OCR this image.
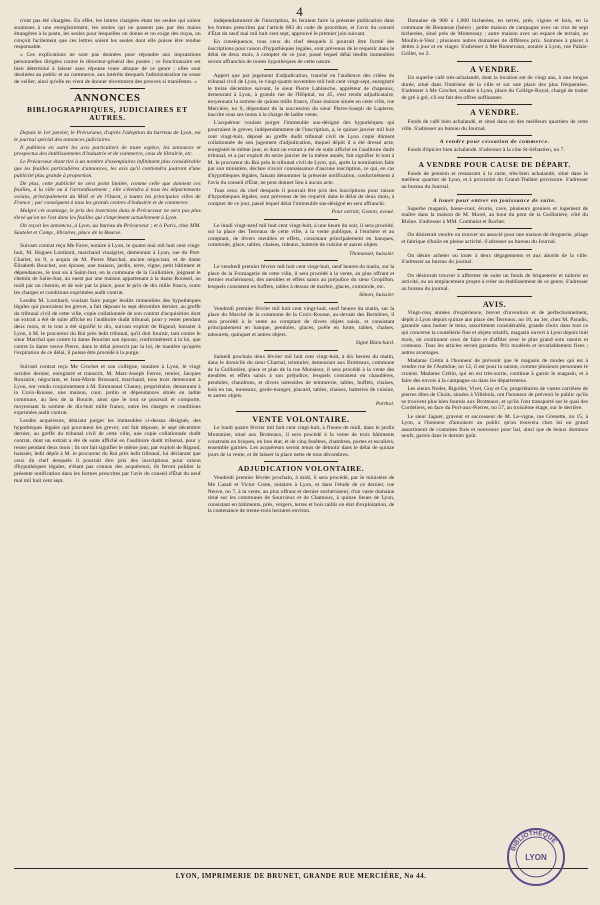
4

n'ont pas été chargées. En effet, les lettres chargées étant les seules qui soient soumises à une enregistrement, les seules qui ne passent pas par des mains étrangères à la poste, les seules pour lesquelles on donne et on exige des reçus, on conçoit facilement que ces lettres soient les seules dont elle puisse être rendue responsable.

« Ces explications ne sont pas données pour répondre aux imputations personnelles dirigées contre le directeur-général des postes ; ce fonctionnaire est bien déterminé à laisser sans réponse toute attaque de ce genre ; elles sont destinées au public et au commerce, aux intérêts desquels l'administration ne cesse de veiller, ainsi qu'elle en vient de donner récemment des preuves si manifestes. »

ANNONCES

BIBLIOGRAPHIQUES, JUDICIAIRES ET AUTRES.

Depuis le 1er janvier, le Précurseur, d'après l'adoption du barreau de Lyon, est le journal spécial des annonces judiciaires.

Il publiera en outre les avis particuliers de toute espèce, les annonces et prospectus des établissements d'industrie et de commerce, ceux de librairie, etc.

Le Précurseur étant tiré à un nombre d'exemplaires infiniment plus considérable que les feuilles particulières d'annonces, les avis qu'il contiendra jouiront d'une publicité plus grande à proportion.

De plus, cette publicité ne sera point limitée, comme celle que donnent ces feuilles, à la ville ou à l'arrondissement ; elle s'étendra à tous les départements voisins, principalement du Midi et de l'Ouest, à toutes les principales villes de France ; par conséquent à tous les grands centres d'industrie et de commerce.

Malgré cet avantage, le prix des insertions dans le Précurseur ne sera pas plus élevé qu'on ne l'est dans les feuilles qui s'impriment actuellement à Lyon.

On reçoit les annonces, à Lyon, au bureau du Précurseur ; et à Paris, chez MM. Sautelet et Comp., libraires, place de la Bourse.

Suivant contrat reçu Me Farre, notaire à Lyon, le quatre mai mil huit cent vingt-huit, M. Hugues Lombard, marchand vinaigrier, demeurant à Lyon, rue du Port-Charlet, no 9, a acquis de M. Pierre Marchal, ancien négociant, et de dame Élisabeth Bouchet, son épouse, une maison, jardin, terre, vigne, petit bâtiment et dépendances, le tout sis à Saint-Just, en la commune de la Guillotière, joignant le chemin de Saint-Just, au ouest par une maison appartenant à la dame Roussel, au midi par un chemin, et de soir par la place, pour le prix de dix mille francs, outre les charges et conditions exprimées audit contrat.

Lesdits M. Lombard, voulant faire purger lesdits immeubles des hypothèques légales qui pourraient les grever, a fait déposer le sept décembre dernier, au greffe du tribunal civil de cette ville, copie collationnée de son contrat d'acquisition dont un extrait a été de suite affiché en l'auditoire dudit tribunal, pour y rester pendant deux mois, et le tout a été signifié le dix, suivant exploit de Rigaud, huissier à Lyon, à M. le procureur du Roi près ledit tribunal, qu'il doit fournir, tant contre le sieur Marchal que contre la dame Bouchet son épouse, conformément à la loi, que contre la dame veuve Pierre, dans le délai prescrit par la loi, de manière qu'après l'expiration de ce délai, il puisse être procédé à la purge.

Suivant contrat reçu Me Crochet et son collègue, notaires à Lyon, le vingt octobre dernier, enregistré et transcrit, M. Marc-Joseph Ferrez, rentier, Jacques Rouzaire, négociant, et Jean-Marie Brossard, marchand, tous trois demeurant à Lyon, ont vendu conjointement à M. Emmanuel Chaney, propriétaire, demeurant à la Croix-Rousse, une maison, cour, jardin et dépendances situés en ladite commune, au lieu de la Boucle, ainsi que le tout se poursuit et comporte, moyennant la somme de dix-huit mille francs, outre les charges et conditions exprimées audit contrat.

Lesdits acquéreurs, désirant purger les immeubles ci-dessus désignés, des hypothèques légales qui pouvaient les grever, ont fait déposer, le sept décembre dernier, au greffe du tribunal civil de cette ville, une copie collationnée dudit contrat, dont un extrait a été de suite affiché en l'auditoire dudit tribunal, pour y rester pendant deux mois ; ils ont fait signifier le même jour, par exploit de Rigaud, huissier, ledit dépôt à M. le procureur du Roi près ledit tribunal, lui déclarant que ceux du chef desquels il pourrait être pris des inscriptions pour raison d'hypothèques légales, n'étant pas connus des acquéreurs, ils feront publier la présente notification dans les formes prescrites par l'avis du conseil d'État du neuf mai mil huit cent sept.

indépendamment de l'inscription, ils feraient faire la présente publication dans les formes prescrites par l'article 683 du code de procédure, et l'avis du conseil d'État du neuf mai mil huit cent sept, approuvé le premier juin suivant.

En conséquence, tous ceux du chef desquels il pourrait être formé des inscriptions pour raison d'hypothèques légales, sont prévenus de le requérir dans le délai de deux mois, à compter de ce jour, passé lequel délai lesdits immeubles seront affranchis de toutes hypothèques de cette nature.

Appert que par jugement d'adjudication, tranché en l'audience des criées du tribunal civil de Lyon, le vingt-quatre novembre mil huit cent vingt-sept, enregistré le treize décembre suivant, le sieur Pierre Lablanche, apprêteur de chapeaux, demeurant à Lyon, à grande rue de l'Hôpital, no 45, s'est rendu adjudicataire, moyennant la somme de quinze mille francs, d'une maison située en cette ville, rue Mercière, no 6, dépendant de la succession du sieur Pierre-Joseph de Lapierre, inscrite sous ses noms à la charge de ladite vente.

L'acquéreur voulant purger l'immeuble sus-désigné des hypothèques qui pourraient le grever, indépendamment de l'inscription, a, le quinze janvier mil huit cent vingt-huit, déposé au greffe dudit tribunal civil de Lyon copie dûment collationnée de son jugement d'adjudication, duquel dépôt il a été dressé acte, enregistré le même jour, et dont un extrait a été de suite affiché en l'auditoire dudit tribunal, et a par exploit du seize janvier de la même année, fait signifier le tout à M. le procureur du Roi près le tribunal civil de Lyon, qui, après la nomination faite par son ministère, déclare n'avoir connaissance d'aucune inscription, ce qui, en cas d'hypothèques légales, faisant dénommer la présente notification, conformément à l'avis du conseil d'État, ne peut donner lieu à aucun acte.

Tous ceux du chef desquels il pourrait être pris des inscriptions pour raison d'hypothèques légales, sont prévenus de les requérir dans le délai de deux mois, à compter de ce jour, passé lequel délai l'immeuble sus-désigné en sera affranchi.

Pour extrait, Gonon, avoué.

Le lundi vingt-neuf mil huit cent vingt-huit, à une heure du soir, il sera procédé, sur la place des Terreaux de cette ville, à la vente publique, à l'enchère et au comptant, de divers meubles et effets, consistant principalement en banques, commode, glace, tables, chaises, rideaux, batterie de cuisine et autres objets.

Thomasset, huissier.

Le vendredi premier février mil huit cent vingt-huit, neuf heures du matin, sur la place de la Fromagerie de cette ville, il sera procédé à la vente, au plus offrant et dernier enchérisseur, des meubles et effets saisis au préjudice du sieur Gropillon, lesquels consistent en buffets, tables à dessus de marbre, glaces, commode, etc.

Simon, huissier.

Vendredi premier février mil huit cent vingt-huit, neuf heures du matin, sur la place du Marché de la commune de la Croix-Rousse, au-devant des Bernières, il sera procédé à la vente au comptant de divers objets saisis, et consistant principalement en banque, pendules, glaces, poêle en fonte, tables, chaises, tabourets, quinquet et autres objets.

Signé Blanchard.

Samedi prochain deux février mil huit cent vingt-huit, à dix heures du matin, dans le domicile du sieur Charnal, teinturier, demeurant aux Brotteaux, commune de la Guillotière, place et plan de la rue Monsieur, il sera procédé à la vente des meubles et effets saisis à son préjudice, lesquels consistent en chaudières, pendules, chaudrons, et divers ustensiles de teinturerie, tables, buffets, chaises, bois en tas, tonneaux, garde-manger, placard, tables, chaises, batteries de cuisine, et autres objets.

Porthol.

VENTE VOLONTAIRE.

Le lundi quatre février mil huit cent vingt-huit, à l'heure de midi, dans le jardin Montanier, situé aux Brotteaux, il sera procédé à la vente de trois bâtiments construits en briques, en bon état, et de cinq fenêtres, chambres, portes et escaliers, ensemble garnies. Les acquéreurs seront tenus de démolir dans le délai de quinze jours de la vente, et de laisser la place nette de tous décombres.

ADJUDICATION VOLONTAIRE.

Vendredi premier février prochain, à midi, il sera procédé, par le ministère de Me Casati et Victor Coste, notaires à Lyon, et dans l'étude de ce dernier, rue Neuve, no 7, à la vente, au plus offrant et dernier enchérisseur, d'un vaste domaine situé sur les communes de Sourcieux et de Chamoux, à quinze lieues de Lyon, consistant en bâtiments, prés, vergers, terres et bois taillis en état d'exploitation, de la contenance de trente-trois hectares environ.

Domaine de 900 à 1,000 bicherées, en terres, prés, vignes et bois, en la commune de Bonnesse (Isère) ; petite maison de campagne avec un clos de sept bicherées, situé près de Montessuy ; autre maison avec un espace de terrain, au Moulin-à-Vent ; plusieurs autres domaines de différens prix. Sommes à placer à dettes à jour et en viager. S'adresser à Me Bonnevaux, notaire à Lyon, rue Palais-Grillet, no 2.

A VENDRE.

Un superbe café très-achalandé, dont la location est de vingt ans, à une longue durée, situé dans l'intérieur de la ville et sur une place des plus fréquentées. S'adresser à Me Crochet, notaire à Lyon, place du Collège-Royal, chargé de traiter de gré à gré, s'il est fait des offres suffisantes.

A VENDRE.

Fonds de café bien achalandé, et situé dans un des meilleurs quartiers de cette ville. S'adresser au bureau du Journal.

A vendre pour cessation de commerce.

Fonds d'épicier bien achalandé. S'adresser à la côte St-Sébastien, no 7.

A VENDRE POUR CAUSE DE DÉPART.

Fonds de pension et restaurant à la carte, très-bien achalandé, situé dans le meilleur quartier de Lyon, et à proximité du Grand-Théâtre provisoire. S'adresser au bureau du Journal.

A louer pour entrer en jouissance de suite.

Superbe magasin, basse-cour, écurie, cave, plusieurs greniers et logement de maître dans la maison de M. Morel, au bout du pont de la Guillotière, côté du Rhône. S'adresser à MM. Combalot et Rocher.

On désirerait vendre ou trouver un associé pour une maison de droguerie, pliage et fabrique d'huile en pleine activité. S'adresser au bureau du Journal.

On désire acheter ou louer à deux dégagements et aux abords de la ville. S'adresser au bureau du journal.

On désirerait trouver à affermer de suite un fonds de briqueterie et tuilerie en activité, ou un emplacement propre à créer un établissement de ce genre. S'adresser au bureau du journal.

AVIS.

Vingt-cinq années d'expérience, brevet d'invention et de perfectionnement, dépôt à Lyon depuis quinze ans place des Terreaux, no 10, au 1er, chez M. Paradis, garantie sans humer le tems, assortiment considérable, grande choix dans tout ce qui concerne la coutellerie fine et objets relatifs, magasin ouvert à Lyon depuis huit mois, où continuent ceux de faire et d'affiler avec le plus grand soin rasoirs et couteaux. Tous les articles seront garantis. Prix modérés et invariablement fixes ; autres avantages.

Madame Crétin à l'honneur de prévenir que le magasin de modes qui est à vendre rue de l'Aumône, no 12, il est pour la saison, comme plusieurs personnes le croient. Madame Crétin, qui en est très-sortie, continue à garnir le magasin, et à faire des envois à la campagne ou dans les départemens.

Les sieurs Nodet, Rigollet, Vivet, Guy et Ce, propriétaires de vastes carrières de pierres dites de Choin, situées à Villebois, ont l'honneur de prévenir le public qu'ils se trouvent plus bien fournis aux Brotteaux, et qu'ils l'ont transporté sur le quai des Cordeliers, en face du Port-aux-Pierres, no 57, au troisième étage, sur le derrière.

Le sieur Jaguet, graveur et successeur de M. Le-vigne, rue Grenette, no 15, à Lyon, a l'honneur d'annoncer au public qu'on trouvera chez lui un grand assortiment de costumes frais et nouveaux pour bal, ainsi que de beaux dominos neufs, garnis dans le dernier goût.

LYON, IMPRIMERIE DE BRUNET, GRANDE RUE MERCIÈRE, No 44.
BIBLIOTHÈQUE
LYON
